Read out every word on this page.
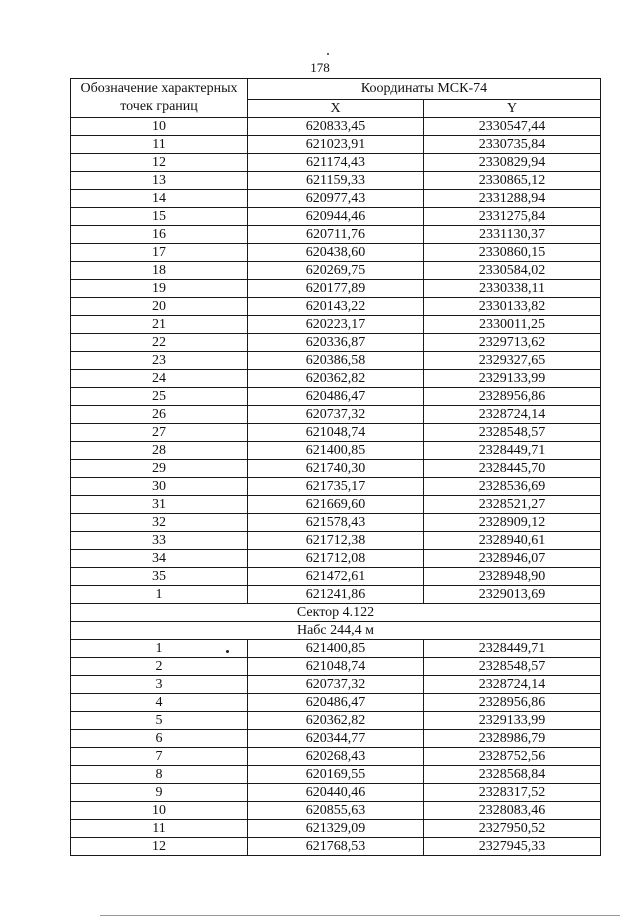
178
Обозначение характерных точек границ	Координаты МСК-74	
	X	Y
10	620833,45	2330547,44
11	621023,91	2330735,84
12	621174,43	2330829,94
13	621159,33	2330865,12
14	620977,43	2331288,94
15	620944,46	2331275,84
16	620711,76	2331130,37
17	620438,60	2330860,15
18	620269,75	2330584,02
19	620177,89	2330338,11
20	620143,22	2330133,82
21	620223,17	2330011,25
22	620336,87	2329713,62
23	620386,58	2329327,65
24	620362,82	2329133,99
25	620486,47	2328956,86
26	620737,32	2328724,14
27	621048,74	2328548,57
28	621400,85	2328449,71
29	621740,30	2328445,70
30	621735,17	2328536,69
31	621669,60	2328521,27
32	621578,43	2328909,12
33	621712,38	2328940,61
34	621712,08	2328946,07
35	621472,61	2328948,90
1	621241,86	2329013,69
Сектор 4.122		
Набс 244,4 м		
1	621400,85	2328449,71
2	621048,74	2328548,57
3	620737,32	2328724,14
4	620486,47	2328956,86
5	620362,82	2329133,99
6	620344,77	2328986,79
7	620268,43	2328752,56
8	620169,55	2328568,84
9	620440,46	2328317,52
10	620855,63	2328083,46
11	621329,09	2327950,52
12	621768,53	2327945,33
